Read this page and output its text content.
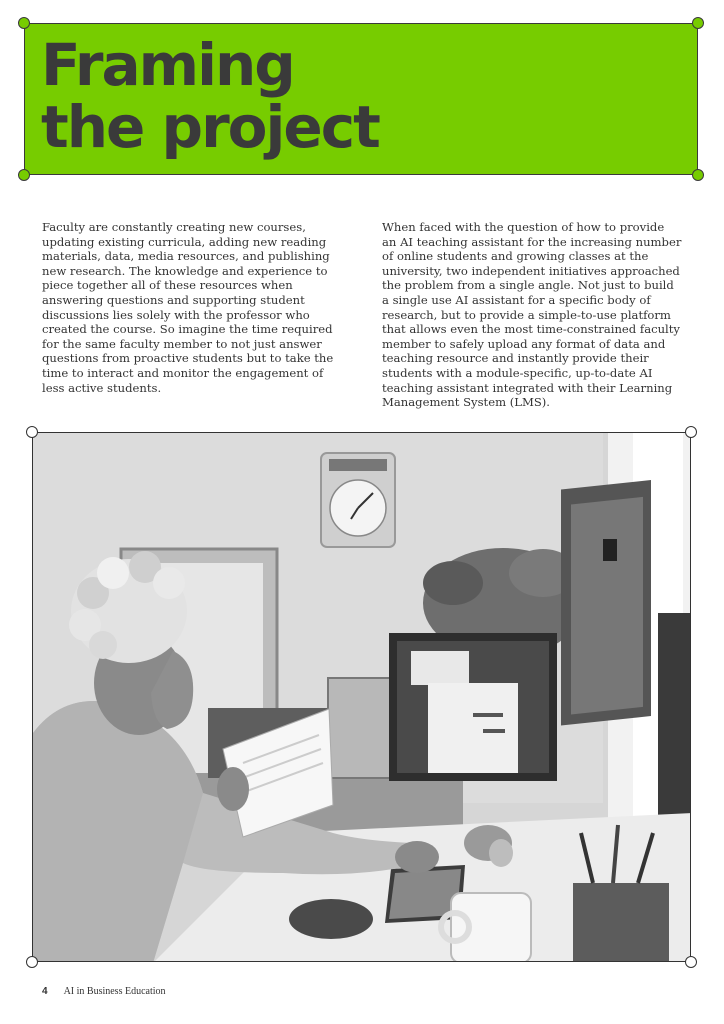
Framing
the project

Faculty are constantly creating new courses, updating existing curricula, adding new reading materials, data, media resources, and publishing new research. The knowledge and experience to piece together all of these resources when answering questions and supporting student discussions lies solely with the professor who created the course. So imagine the time required for the same faculty member to not just answer questions from proactive students but to take the time to interact and monitor the engagement of less active students.

When faced with the question of how to provide an AI teaching assistant for the increasing number of online students and growing classes at the university, two independent initiatives approached the problem from a single angle. Not just to build a single use AI assistant for a specific body of research, but to provide a simple-to-use platform that allows even the most time-constrained faculty member to safely upload any format of data and teaching resource and instantly provide their students with a module-specific, up-to-date AI teaching assistant integrated with their Learning Management System (LMS).

4 AI in Business Education
